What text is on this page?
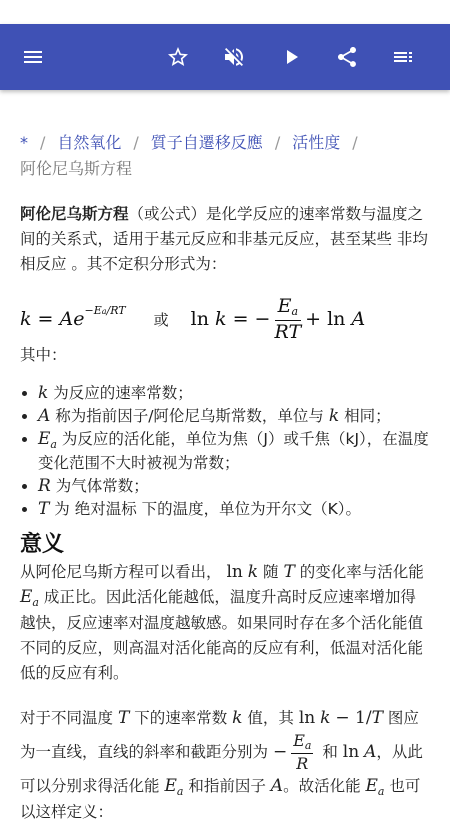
* / 自然氧化 / 質子自遷移反應 / 活性度 /
阿伦尼乌斯方程

阿伦尼乌斯方程（或公式）是化学反应的速率常数与温度之间的关系式，适用于基元反应和非基元反应，甚至某些 非均相反应 。其不定积分形式为：

k = Ae −Ea/RT
或 ln k = − $\frac{Ea}{RT} + \ln A$

其中：

• k 为反应的速率常数；
• A 称为指前因子/阿伦尼乌斯常数，单位与 k 相同；
• $E_a$ 为反应的活化能，单位为焦（J）或千焦（kJ），在温度变化范围不大时被视为常数；
• R 为气体常数；
• T 为 绝对温标 下的温度，单位为开尔文（K）。
意义

从阿伦尼乌斯方程可以看出， ln k 随 T 的变化率与活化能 $E_a$ 成正比。因此活化能越低，温度升高时反应速率增加得越快，反应速率对温度越敏感。如果同时存在多个活化能值不同的反应，则高温对活化能高的反应有利，低温对活化能低的反应有利。

对于不同温度 T 下的速率常数 k 值，其 ln k − 1/T 图应为一直线，直线的斜率和截距分别为 − $\frac{Ea}{R}$ 和 ln A，从此可以分别求得活化能 $E_a$ 和指前因子 A。故活化能 $E_a$ 也可以这样定义：
